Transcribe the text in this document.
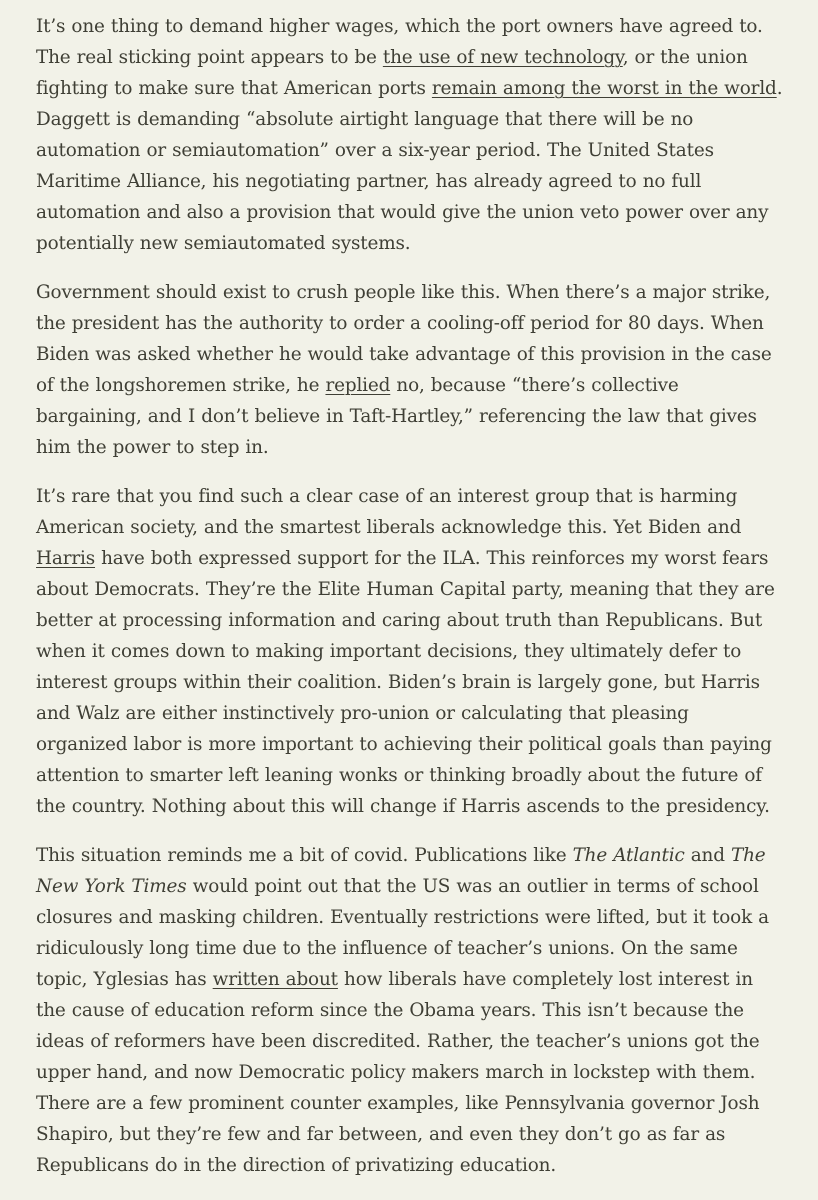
It’s one thing to demand higher wages, which the port owners have agreed to. The real sticking point appears to be the use of new technology, or the union fighting to make sure that American ports remain among the worst in the world. Daggett is demanding “absolute airtight language that there will be no automation or semiautomation” over a six-year period. The United States Maritime Alliance, his negotiating partner, has already agreed to no full automation and also a provision that would give the union veto power over any potentially new semiautomated systems.

Government should exist to crush people like this. When there’s a major strike, the president has the authority to order a cooling-off period for 80 days. When Biden was asked whether he would take advantage of this provision in the case of the longshoremen strike, he replied no, because “there’s collective bargaining, and I don’t believe in Taft-Hartley,” referencing the law that gives him the power to step in.

It’s rare that you find such a clear case of an interest group that is harming American society, and the smartest liberals acknowledge this. Yet Biden and Harris have both expressed support for the ILA. This reinforces my worst fears about Democrats. They’re the Elite Human Capital party, meaning that they are better at processing information and caring about truth than Republicans. But when it comes down to making important decisions, they ultimately defer to interest groups within their coalition. Biden’s brain is largely gone, but Harris and Walz are either instinctively pro-union or calculating that pleasing organized labor is more important to achieving their political goals than paying attention to smarter left leaning wonks or thinking broadly about the future of the country. Nothing about this will change if Harris ascends to the presidency.

This situation reminds me a bit of covid. Publications like The Atlantic and The New York Times would point out that the US was an outlier in terms of school closures and masking children. Eventually restrictions were lifted, but it took a ridiculously long time due to the influence of teacher’s unions. On the same topic, Yglesias has written about how liberals have completely lost interest in the cause of education reform since the Obama years. This isn’t because the ideas of reformers have been discredited. Rather, the teacher’s unions got the upper hand, and now Democratic policy makers march in lockstep with them. There are a few prominent counter examples, like Pennsylvania governor Josh Shapiro, but they’re few and far between, and even they don’t go as far as Republicans do in the direction of privatizing education.
